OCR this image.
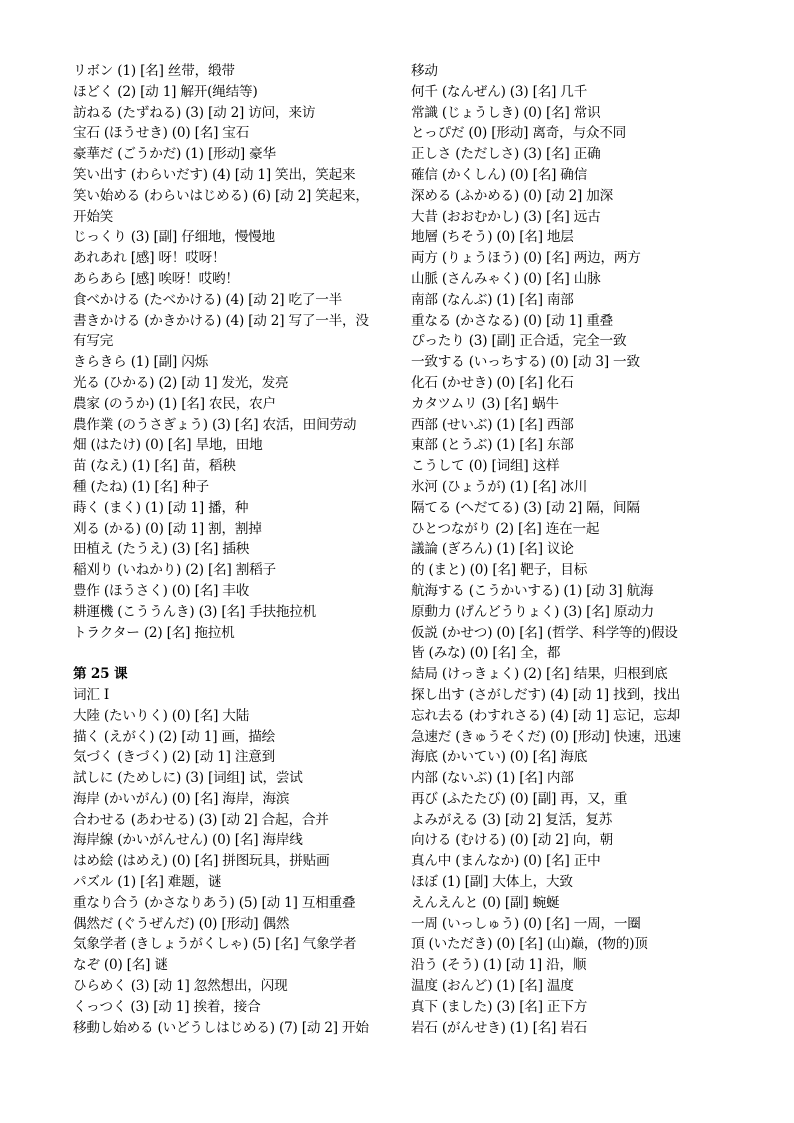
リボン (1) [名] 丝带，缎带
ほどく (2) [动 1] 解开(绳结等)
訪ねる (たずねる) (3) [动 2] 访问，来访
宝石 (ほうせき) (0) [名] 宝石
豪華だ (ごうかだ) (1) [形动] 豪华
笑い出す (わらいだす) (4) [动 1] 笑出，笑起来
笑い始める (わらいはじめる) (6) [动 2] 笑起来，
开始笑
じっくり (3) [副] 仔细地，慢慢地
あれあれ [感] 呀！哎呀！
あらあら [感] 唉呀！哎哟！
食べかける (たべかける) (4) [动 2] 吃了一半
書きかける (かきかける) (4) [动 2] 写了一半，没
有写完
きらきら (1) [副] 闪烁
光る (ひかる) (2) [动 1] 发光，发亮
農家 (のうか) (1) [名] 农民，农户
農作業 (のうさぎょう) (3) [名] 农活，田间劳动
畑 (はたけ) (0) [名] 旱地，田地
苗 (なえ) (1) [名] 苗，稻秧
種 (たね) (1) [名] 种子
蒔く (まく) (1) [动 1] 播，种
刈る (かる) (0) [动 1] 割，割掉
田植え (たうえ) (3) [名] 插秧
稲刈り (いねかり) (2) [名] 割稻子
豊作 (ほうさく) (0) [名] 丰收
耕運機 (こううんき) (3) [名] 手扶拖拉机
トラクター (2) [名] 拖拉机
第 25 课
词汇 I
大陸 (たいりく) (0) [名] 大陆
描く (えがく) (2) [动 1] 画，描绘
気づく (きづく) (2) [动 1] 注意到
試しに (ためしに) (3) [词组] 试，尝试
海岸 (かいがん) (0) [名] 海岸，海滨
合わせる (あわせる) (3) [动 2] 合起，合并
海岸線 (かいがんせん) (0) [名] 海岸线
はめ絵 (はめえ) (0) [名] 拼图玩具，拼贴画
パズル (1) [名] 难题，谜
重なり合う (かさなりあう) (5) [动 1] 互相重叠
偶然だ (ぐうぜんだ) (0) [形动] 偶然
気象学者 (きしょうがくしゃ) (5) [名] 气象学者
なぞ (0) [名] 谜
ひらめく (3) [动 1] 忽然想出，闪现
くっつく (3) [动 1] 挨着，接合
移動し始める (いどうしはじめる) (7) [动 2] 开始
移动
何千 (なんぜん) (3) [名] 几千
常識 (じょうしき) (0) [名] 常识
とっぴだ (0) [形动] 离奇，与众不同
正しさ (ただしさ) (3) [名] 正确
確信 (かくしん) (0) [名] 确信
深める (ふかめる) (0) [动 2] 加深
大昔 (おおむかし) (3) [名] 远古
地層 (ちそう) (0) [名] 地层
両方 (りょうほう) (0) [名] 两边，两方
山脈 (さんみゃく) (0) [名] 山脉
南部 (なんぶ) (1) [名] 南部
重なる (かさなる) (0) [动 1] 重叠
ぴったり (3) [副] 正合适，完全一致
一致する (いっちする) (0) [动 3] 一致
化石 (かせき) (0) [名] 化石
カタツムリ (3) [名] 蜗牛
西部 (せいぶ) (1) [名] 西部
東部 (とうぶ) (1) [名] 东部
こうして (0) [词组] 这样
氷河 (ひょうが) (1) [名] 冰川
隔てる (へだてる) (3) [动 2] 隔，间隔
ひとつながり (2) [名] 连在一起
議論 (ぎろん) (1) [名] 议论
的 (まと) (0) [名] 靶子，目标
航海する (こうかいする) (1) [动 3] 航海
原動力 (げんどうりょく) (3) [名] 原动力
仮説 (かせつ) (0) [名] (哲学、科学等的)假设
皆 (みな) (0) [名] 全，都
結局 (けっきょく) (2) [名] 结果，归根到底
探し出す (さがしだす) (4) [动 1] 找到，找出
忘れ去る (わすれさる) (4) [动 1] 忘记，忘却
急速だ (きゅうそくだ) (0) [形动] 快速，迅速
海底 (かいてい) (0) [名] 海底
内部 (ないぶ) (1) [名] 内部
再び (ふたたび) (0) [副] 再，又，重
よみがえる (3) [动 2] 复活，复苏
向ける (むける) (0) [动 2] 向，朝
真ん中 (まんなか) (0) [名] 正中
ほぼ (1) [副] 大体上，大致
えんえんと (0) [副] 蜿蜒
一周 (いっしゅう) (0) [名] 一周，一圈
頂 (いただき) (0) [名] (山)巅，(物的)顶
沿う (そう) (1) [动 1] 沿，顺
温度 (おんど) (1) [名] 温度
真下 (ました) (3) [名] 正下方
岩石 (がんせき) (1) [名] 岩石
